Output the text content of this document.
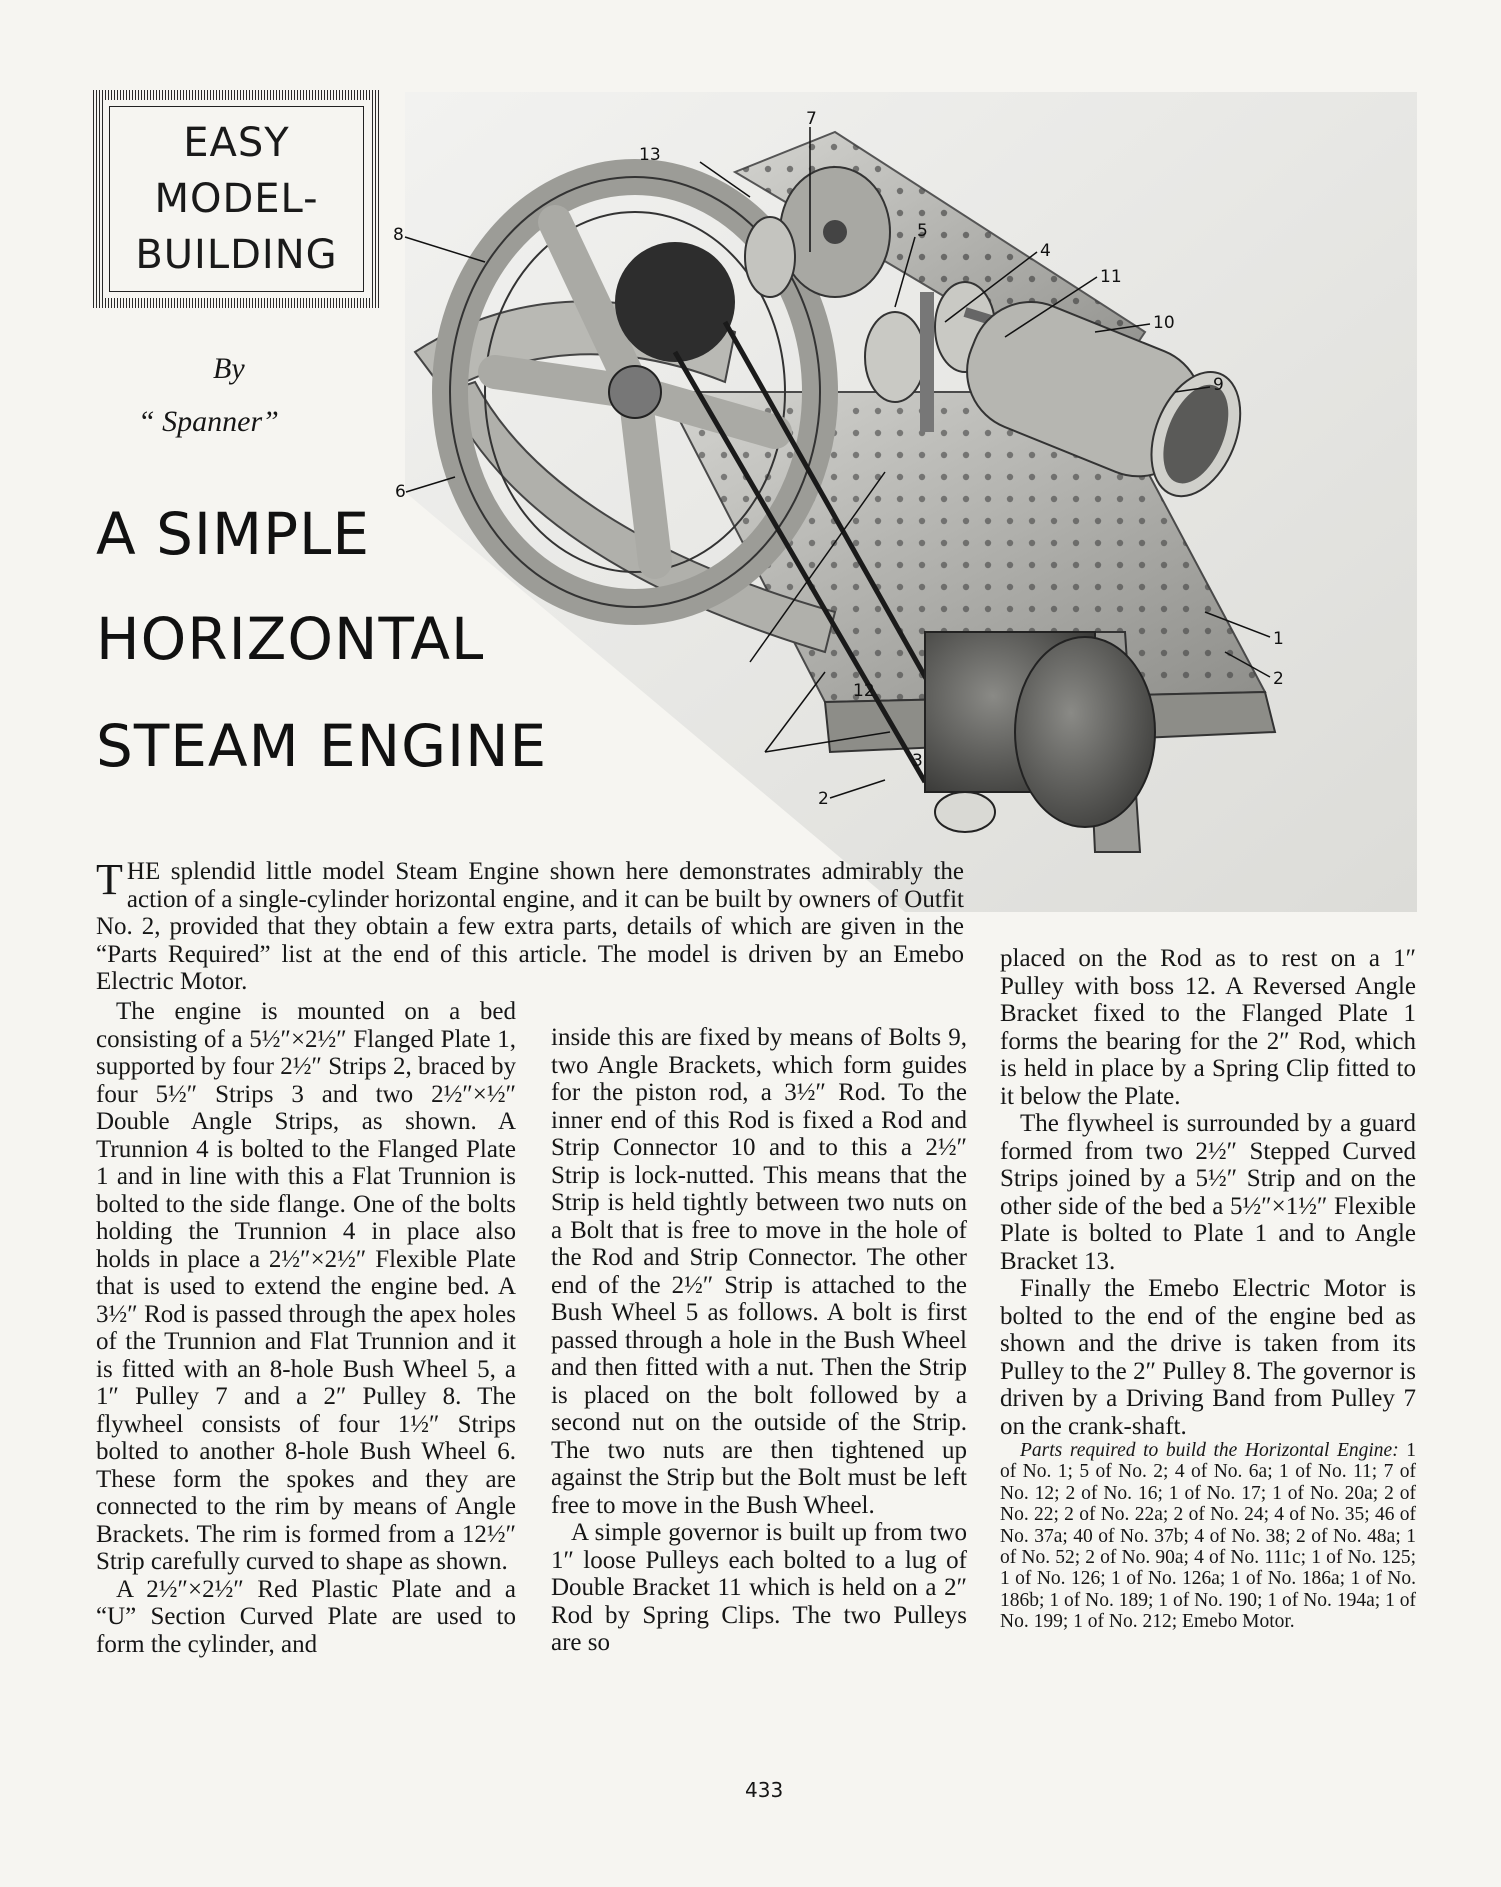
EASY
MODEL-
BUILDING
By
“ Spanner”
A SIMPLE
HORIZONTAL
STEAM ENGINE
1
2
2
3
4
5
6
7
8
9
10
11
12
13

THE splendid little model Steam Engine shown here demonstrates admirably the action of a single-cylinder horizontal engine, and it can be built by owners of Outfit No. 2, provided that they obtain a few extra parts, details of which are given in the “Parts Required” list at the end of this article. The model is driven by an Emebo Electric Motor.

The engine is mounted on a bed consisting of a 5½″×2½″ Flanged Plate 1, supported by four 2½″ Strips 2, braced by four 5½″ Strips 3 and two 2½″×½″ Double Angle Strips, as shown. A Trunnion 4 is bolted to the Flanged Plate 1 and in line with this a Flat Trunnion is bolted to the side flange. One of the bolts holding the Trunnion 4 in place also holds in place a 2½″×2½″ Flexible Plate that is used to extend the engine bed. A 3½″ Rod is passed through the apex holes of the Trunnion and Flat Trunnion and it is fitted with an 8-hole Bush Wheel 5, a 1″ Pulley 7 and a 2″ Pulley 8. The flywheel consists of four 1½″ Strips bolted to another 8-hole Bush Wheel 6. These form the spokes and they are connected to the rim by means of Angle Brackets. The rim is formed from a 12½″ Strip carefully curved to shape as shown.

A 2½″×2½″ Red Plastic Plate and a “U” Section Curved Plate are used to form the cylinder, and

inside this are fixed by means of Bolts 9, two Angle Brackets, which form guides for the piston rod, a 3½″ Rod. To the inner end of this Rod is fixed a Rod and Strip Connector 10 and to this a 2½″ Strip is lock-nutted. This means that the Strip is held tightly between two nuts on a Bolt that is free to move in the hole of the Rod and Strip Connector. The other end of the 2½″ Strip is attached to the Bush Wheel 5 as follows. A bolt is first passed through a hole in the Bush Wheel and then fitted with a nut. Then the Strip is placed on the bolt followed by a second nut on the outside of the Strip. The two nuts are then tightened up against the Strip but the Bolt must be left free to move in the Bush Wheel.

A simple governor is built up from two 1″ loose Pulleys each bolted to a lug of Double Bracket 11 which is held on a 2″ Rod by Spring Clips. The two Pulleys are so

placed on the Rod as to rest on a 1″ Pulley with boss 12. A Reversed Angle Bracket fixed to the Flanged Plate 1 forms the bearing for the 2″ Rod, which is held in place by a Spring Clip fitted to it below the Plate.

The flywheel is surrounded by a guard formed from two 2½″ Stepped Curved Strips joined by a 5½″ Strip and on the other side of the bed a 5½″×1½″ Flexible Plate is bolted to Plate 1 and to Angle Bracket 13.

Finally the Emebo Electric Motor is bolted to the end of the engine bed as shown and the drive is taken from its Pulley to the 2″ Pulley 8. The governor is driven by a Driving Band from Pulley 7 on the crank-shaft.

Parts required to build the Horizontal Engine: 1 of No. 1; 5 of No. 2; 4 of No. 6a; 1 of No. 11; 7 of No. 12; 2 of No. 16; 1 of No. 17; 1 of No. 20a; 2 of No. 22; 2 of No. 22a; 2 of No. 24; 4 of No. 35; 46 of No. 37a; 40 of No. 37b; 4 of No. 38; 2 of No. 48a; 1 of No. 52; 2 of No. 90a; 4 of No. 111c; 1 of No. 125; 1 of No. 126; 1 of No. 126a; 1 of No. 186a; 1 of No. 186b; 1 of No. 189; 1 of No. 190; 1 of No. 194a; 1 of No. 199; 1 of No. 212; Emebo Motor.

433
